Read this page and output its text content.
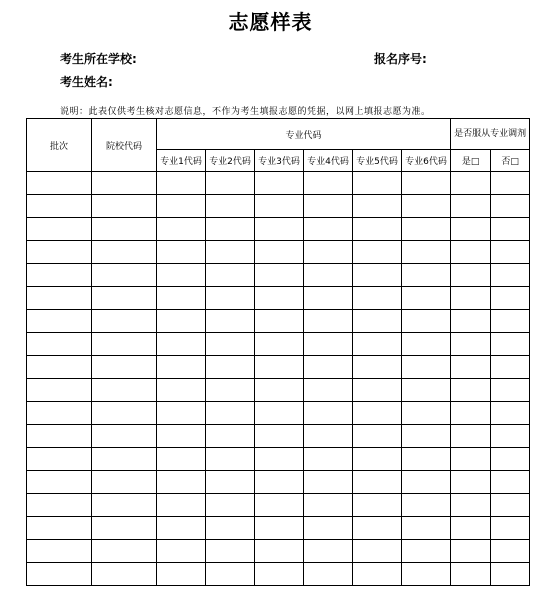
志愿样表
考生所在学校:	报名序号:
考生姓名:
说明：此表仅供考生核对志愿信息，不作为考生填报志愿的凭据，以网上填报志愿为准。
批次	院校代码	专业代码						是否服从专业调剂	
		专业1代码	专业2代码	专业3代码	专业4代码	专业5代码	专业6代码	是□	否□
